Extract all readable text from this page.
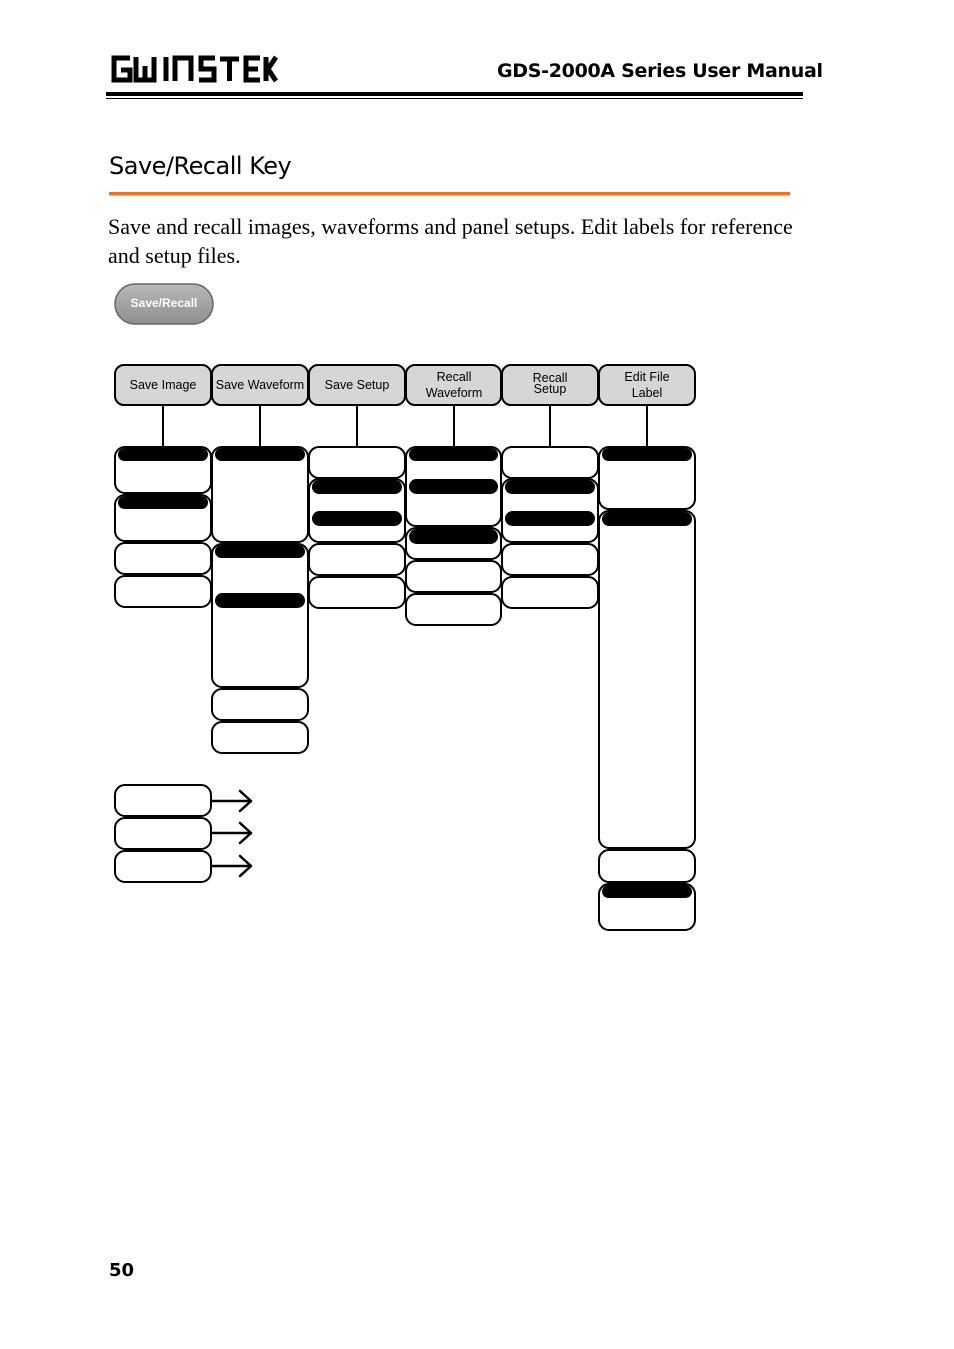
GDS-2000A Series User Manual
Save/Recall Key

Save and recall images, waveforms and panel setups. Edit labels for reference and setup files.

Save/Recall
Save Image Save Waveform Save Setup
Recall
Waveform
Recall
Setup
Edit File
Label
50
